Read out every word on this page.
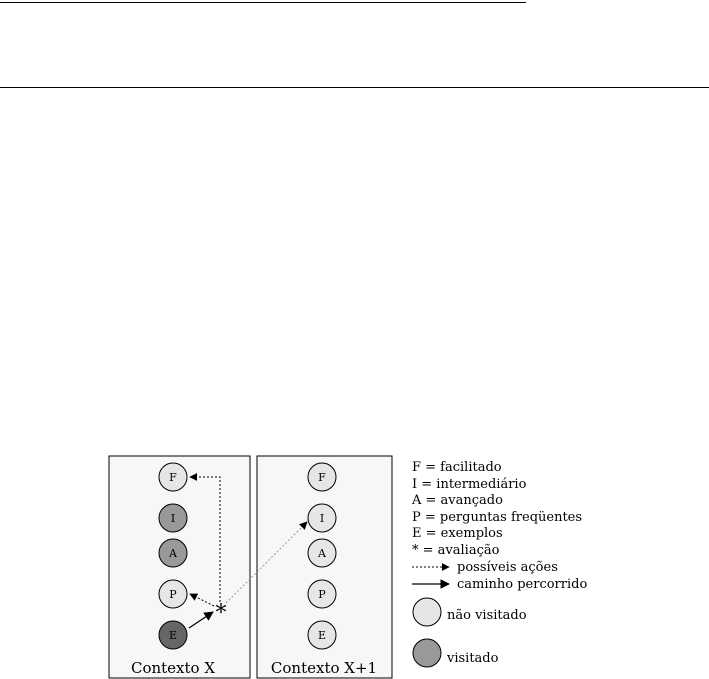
F
I
A
P
E
F
I
A
P
E
*
Contexto X	Contexto X+1
F = facilitado
I = intermediário
A = avançado
P = perguntas freqüentes
E = exemplos
* = avaliação
possíveis ações
caminho percorrido
não visitado
visitado
